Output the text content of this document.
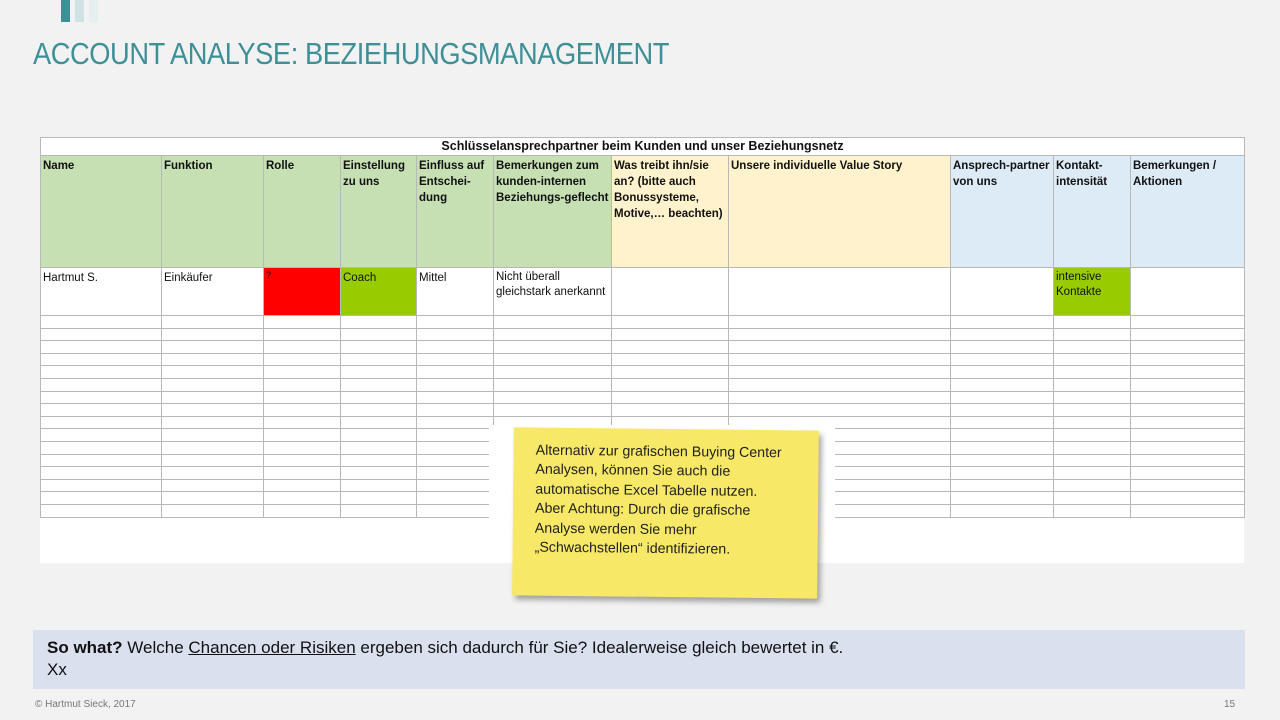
ACCOUNT ANALYSE: BEZIEHUNGSMANAGEMENT
Schlüsselansprechpartner beim Kunden und unser Beziehungsnetz										
Name	Funktion	Rolle	Einstellung zu uns	Einfluss auf Entschei-dung	Bemerkungen zum kunden-internen Beziehungs-geflecht	Was treibt ihn/sie an? (bitte auch Bonussysteme, Motive,… beachten)	Unsere individuelle Value Story	Ansprech-partner von uns	Kontakt-intensität	Bemerkungen / Aktionen
Hartmut S.	Einkäufer	?	Coach	Mittel	Nicht überall gleichstark anerkannt				intensive Kontakte	

Alternativ zur grafischen Buying Center Analysen, können Sie auch die automatische Excel Tabelle nutzen.

Aber Achtung: Durch die grafische Analyse werden Sie mehr „Schwachstellen“ identifizieren.

So what? Welche Chancen oder Risiken ergeben sich dadurch für Sie? Idealerweise gleich bewertet in €.
Xx
© Hartmut Sieck, 2017	15
